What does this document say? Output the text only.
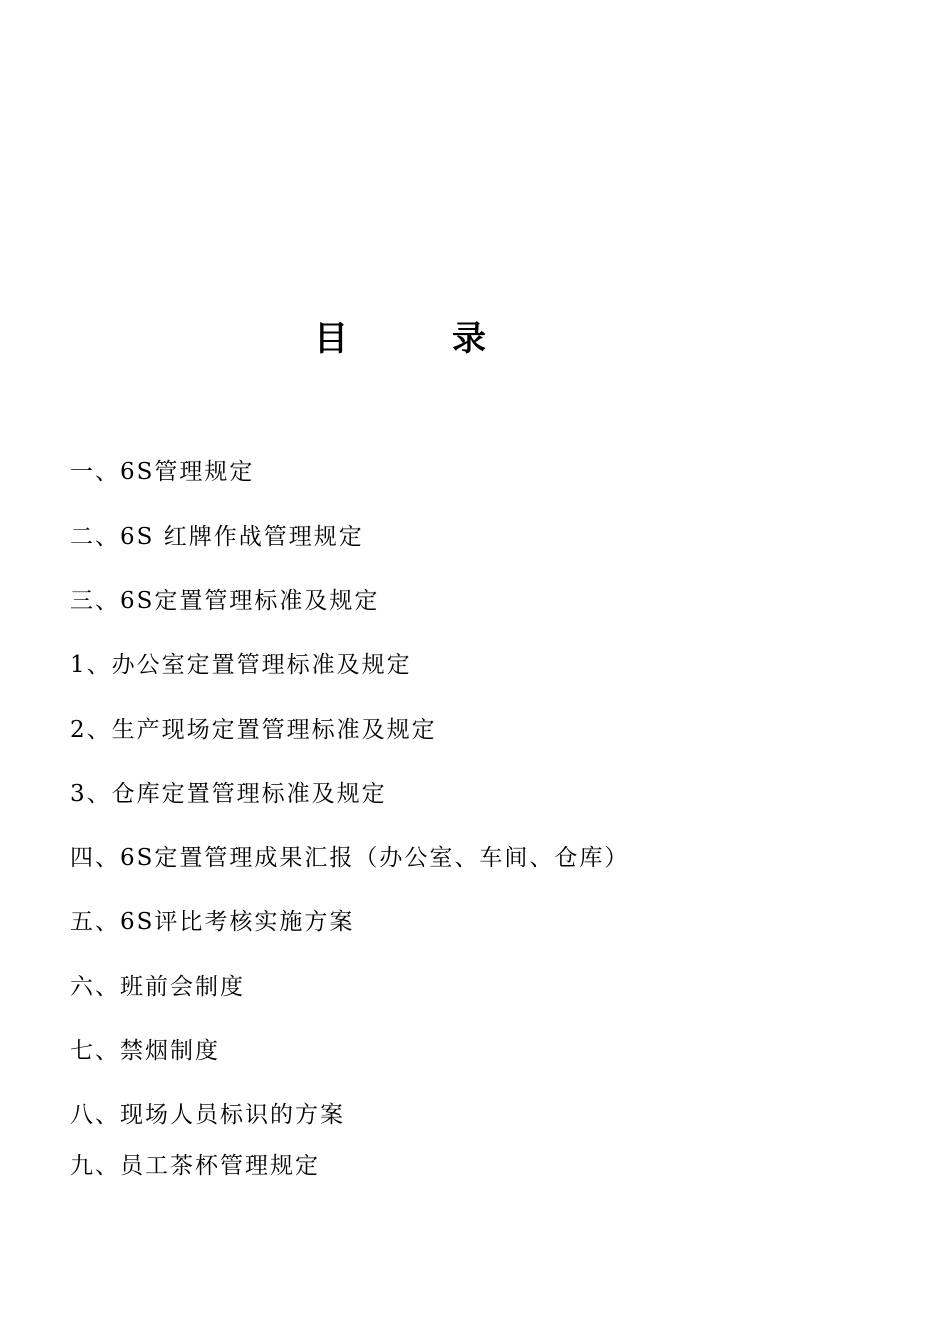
目	录
一、6S管理规定
二、6S 红牌作战管理规定
三、6S定置管理标准及规定
1、办公室定置管理标准及规定
2、生产现场定置管理标准及规定
3、仓库定置管理标准及规定
四、6S定置管理成果汇报（办公室、车间、仓库）
五、6S评比考核实施方案
六、班前会制度
七、禁烟制度
八、现场人员标识的方案
九、员工茶杯管理规定
